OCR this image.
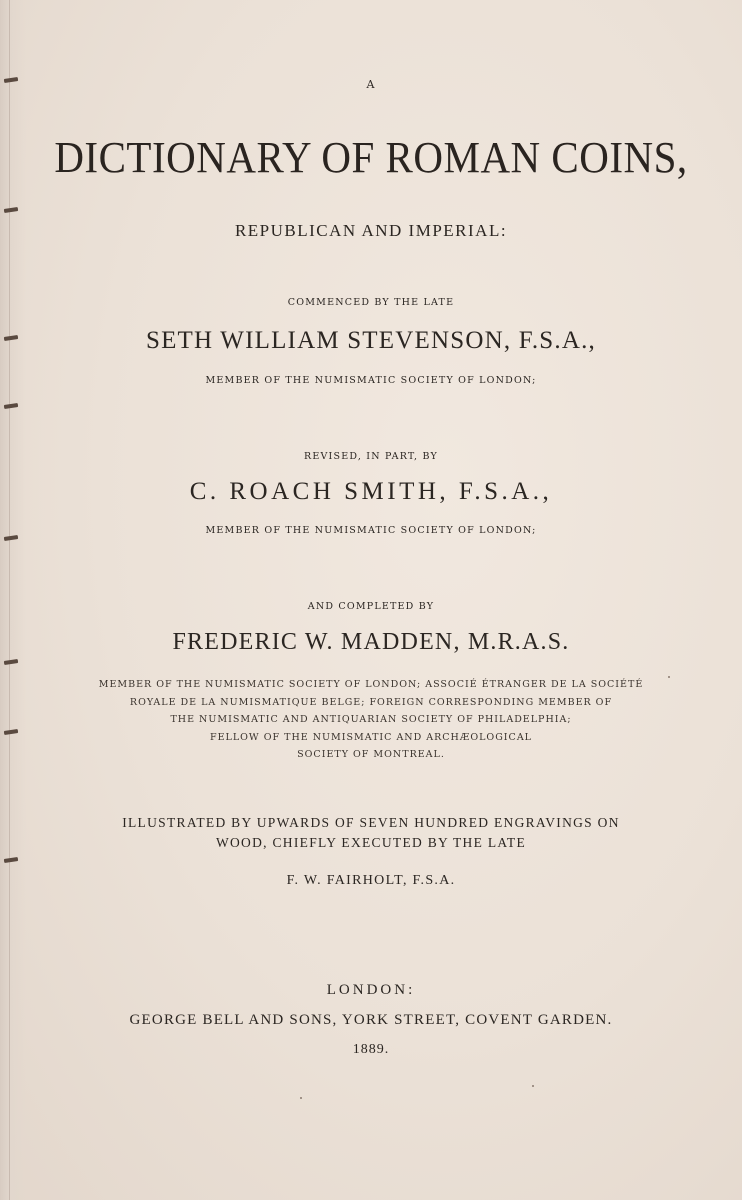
A

DICTIONARY OF ROMAN COINS,

REPUBLICAN AND IMPERIAL:

COMMENCED BY THE LATE

SETH WILLIAM STEVENSON, F.S.A.,

MEMBER OF THE NUMISMATIC SOCIETY OF LONDON;

REVISED, IN PART, BY

C. ROACH SMITH, F.S.A.,

MEMBER OF THE NUMISMATIC SOCIETY OF LONDON;

AND COMPLETED BY

FREDERIC W. MADDEN, M.R.A.S.

MEMBER OF THE NUMISMATIC SOCIETY OF LONDON; ASSOCIÉ ÉTRANGER DE LA SOCIÉTÉ
ROYALE DE LA NUMISMATIQUE BELGE; FOREIGN CORRESPONDING MEMBER OF
THE NUMISMATIC AND ANTIQUARIAN SOCIETY OF PHILADELPHIA;
FELLOW OF THE NUMISMATIC AND ARCHÆOLOGICAL
SOCIETY OF MONTREAL.
ILLUSTRATED BY UPWARDS OF SEVEN HUNDRED ENGRAVINGS ON
WOOD, CHIEFLY EXECUTED BY THE LATE

F. W. FAIRHOLT, F.S.A.

LONDON:

GEORGE BELL AND SONS, YORK STREET, COVENT GARDEN.

1889.
